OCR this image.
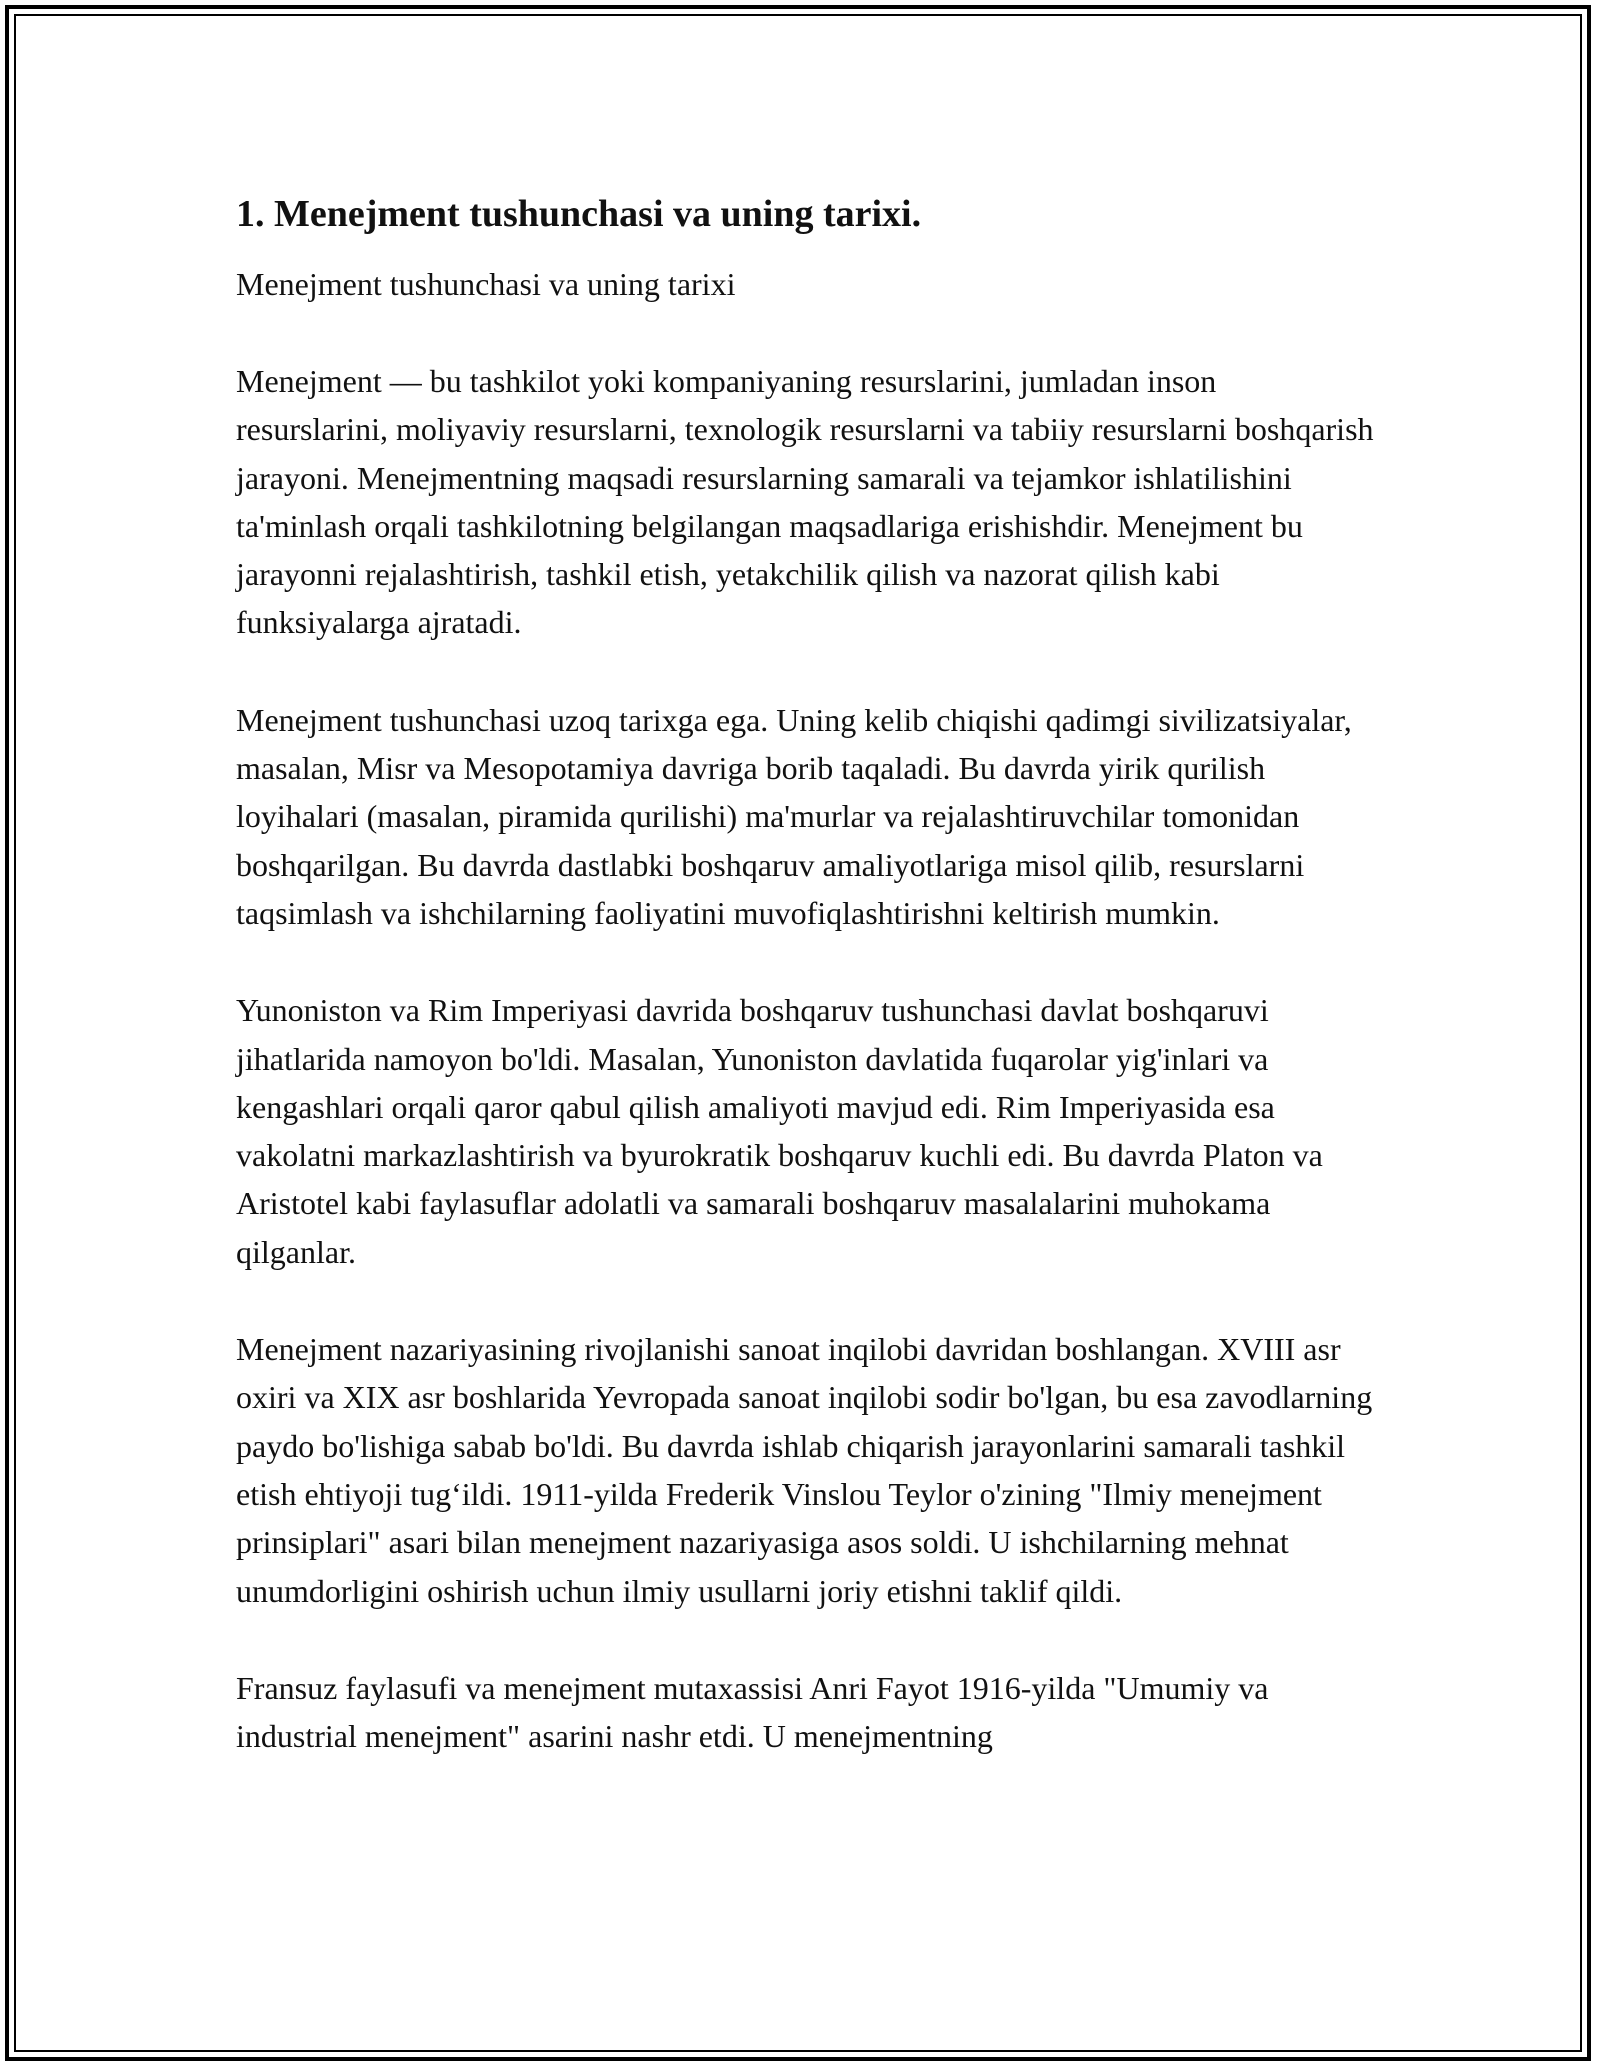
1. Menejment tushunchasi va uning tarixi.

Menejment tushunchasi va uning tarixi

Menejment — bu tashkilot yoki kompaniyaning resurslarini, jumladan inson resurslarini, moliyaviy resurslarni, texnologik resurslarni va tabiiy resurslarni boshqarish jarayoni. Menejmentning maqsadi resurslarning samarali va tejamkor ishlatilishini ta'minlash orqali tashkilotning belgilangan maqsadlariga erishishdir. Menejment bu jarayonni rejalashtirish, tashkil etish, yetakchilik qilish va nazorat qilish kabi funksiyalarga ajratadi.

Menejment tushunchasi uzoq tarixga ega. Uning kelib chiqishi qadimgi sivilizatsiyalar, masalan, Misr va Mesopotamiya davriga borib taqaladi. Bu davrda yirik qurilish loyihalari (masalan, piramida qurilishi) ma'murlar va rejalashtiruvchilar tomonidan boshqarilgan. Bu davrda dastlabki boshqaruv amaliyotlariga misol qilib, resurslarni taqsimlash va ishchilarning faoliyatini muvofiqlashtirishni keltirish mumkin.

Yunoniston va Rim Imperiyasi davrida boshqaruv tushunchasi davlat boshqaruvi jihatlarida namoyon bo'ldi. Masalan, Yunoniston davlatida fuqarolar yig'inlari va kengashlari orqali qaror qabul qilish amaliyoti mavjud edi. Rim Imperiyasida esa vakolatni markazlashtirish va byurokratik boshqaruv kuchli edi. Bu davrda Platon va Aristotel kabi faylasuflar adolatli va samarali boshqaruv masalalarini muhokama qilganlar.

Menejment nazariyasining rivojlanishi sanoat inqilobi davridan boshlangan. XVIII asr oxiri va XIX asr boshlarida Yevropada sanoat inqilobi sodir bo'lgan, bu esa zavodlarning paydo bo'lishiga sabab bo'ldi. Bu davrda ishlab chiqarish jarayonlarini samarali tashkil etish ehtiyoji tug‘ildi. 1911-yilda Frederik Vinslou Teylor o'zining "Ilmiy menejment prinsiplari" asari bilan menejment nazariyasiga asos soldi. U ishchilarning mehnat unumdorligini oshirish uchun ilmiy usullarni joriy etishni taklif qildi.

Fransuz faylasufi va menejment mutaxassisi Anri Fayot 1916-yilda "Umumiy va industrial menejment" asarini nashr etdi. U menejmentning
